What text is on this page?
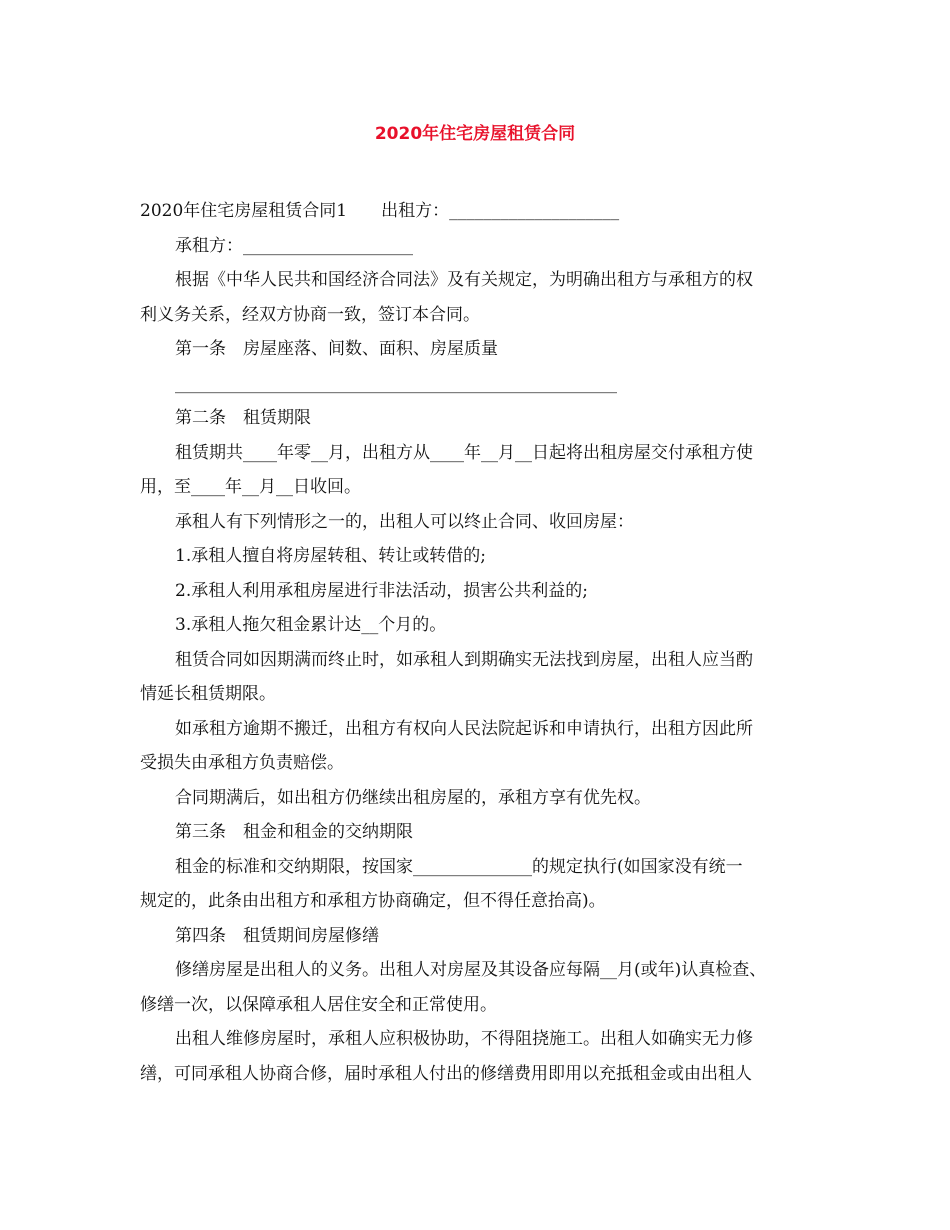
2020年住宅房屋租赁合同
2020年住宅房屋租赁合同1　　出租方：____________________
承租方：____________________
根据《中华人民共和国经济合同法》及有关规定，为明确出租方与承租方的权
利义务关系，经双方协商一致，签订本合同。
第一条　房屋座落、间数、面积、房屋质量
____________________________________________________
第二条　租赁期限
租赁期共____年零__月，出租方从____年__月__日起将出租房屋交付承租方使
用，至____年__月__日收回。
承租人有下列情形之一的，出租人可以终止合同、收回房屋：
1.承租人擅自将房屋转租、转让或转借的;
2.承租人利用承租房屋进行非法活动，损害公共利益的;
3.承租人拖欠租金累计达__个月的。
租赁合同如因期满而终止时，如承租人到期确实无法找到房屋，出租人应当酌
情延长租赁期限。
如承租方逾期不搬迁，出租方有权向人民法院起诉和申请执行，出租方因此所
受损失由承租方负责赔偿。
合同期满后，如出租方仍继续出租房屋的，承租方享有优先权。
第三条　租金和租金的交纳期限
租金的标准和交纳期限，按国家______________的规定执行(如国家没有统一
规定的，此条由出租方和承租方协商确定，但不得任意抬高)。
第四条　租赁期间房屋修缮
修缮房屋是出租人的义务。出租人对房屋及其设备应每隔__月(或年)认真检查、
修缮一次，以保障承租人居住安全和正常使用。
出租人维修房屋时，承租人应积极协助，不得阻挠施工。出租人如确实无力修
缮，可同承租人协商合修，届时承租人付出的修缮费用即用以充抵租金或由出租人
